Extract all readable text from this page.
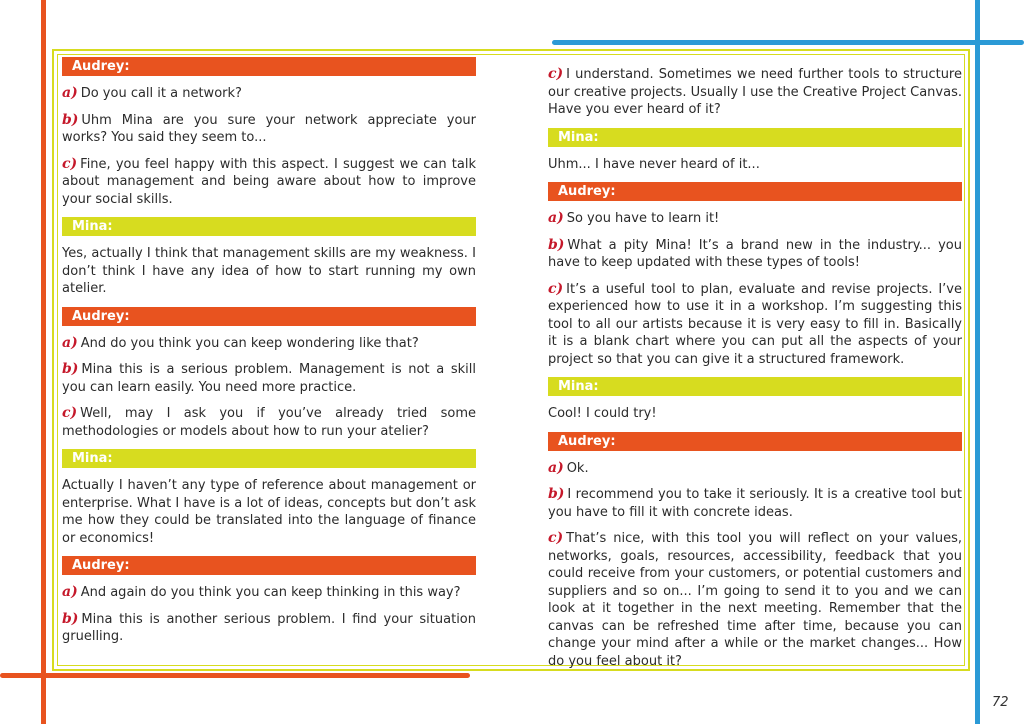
Audrey:
a) Do you call it a network?
b) Uhm Mina are you sure your network appreciate your works? You said they seem to...
c) Fine, you feel happy with this aspect. I suggest we can talk about management and being aware about how to improve your social skills.
Mina:
Yes, actually I think that management skills are my weakness. I don’t think I have any idea of how to start running my own atelier.
Audrey:
a) And do you think you can keep wondering like that?
b) Mina this is a serious problem. Management is not a skill you can learn easily. You need more practice.
c) Well, may I ask you if you’ve already tried some methodologies or models about how to run your atelier?
Mina:
Actually I haven’t any type of reference about management or enterprise. What I have is a lot of ideas, concepts but don’t ask me how they could be translated into the language of finance or economics!
Audrey:
a) And again do you think you can keep thinking in this way?
b) Mina this is another serious problem. I find your situation gruelling.
c) I understand. Sometimes we need further tools to structure our creative projects. Usually I use the Creative Project Canvas. Have you ever heard of it?
Mina:
Uhm... I have never heard of it...
Audrey:
a) So you have to learn it!
b) What a pity Mina! It’s a brand new in the industry... you have to keep updated with these types of tools!
c) It’s a useful tool to plan, evaluate and revise projects. I’ve experienced how to use it in a workshop. I’m suggesting this tool to all our artists because it is very easy to fill in. Basically it is a blank chart where you can put all the aspects of your project so that you can give it a structured framework.
Mina:
Cool! I could try!
Audrey:
a) Ok.
b) I recommend you to take it seriously. It is a creative tool but you have to fill it with concrete ideas.
c) That’s nice, with this tool you will reflect on your values, networks, goals, resources, accessibility, feedback that you could receive from your customers, or potential customers and suppliers and so on... I’m going to send it to you and we can look at it together in the next meeting. Remember that the canvas can be refreshed time after time, because you can change your mind after a while or the market changes... How do you feel about it?
72
